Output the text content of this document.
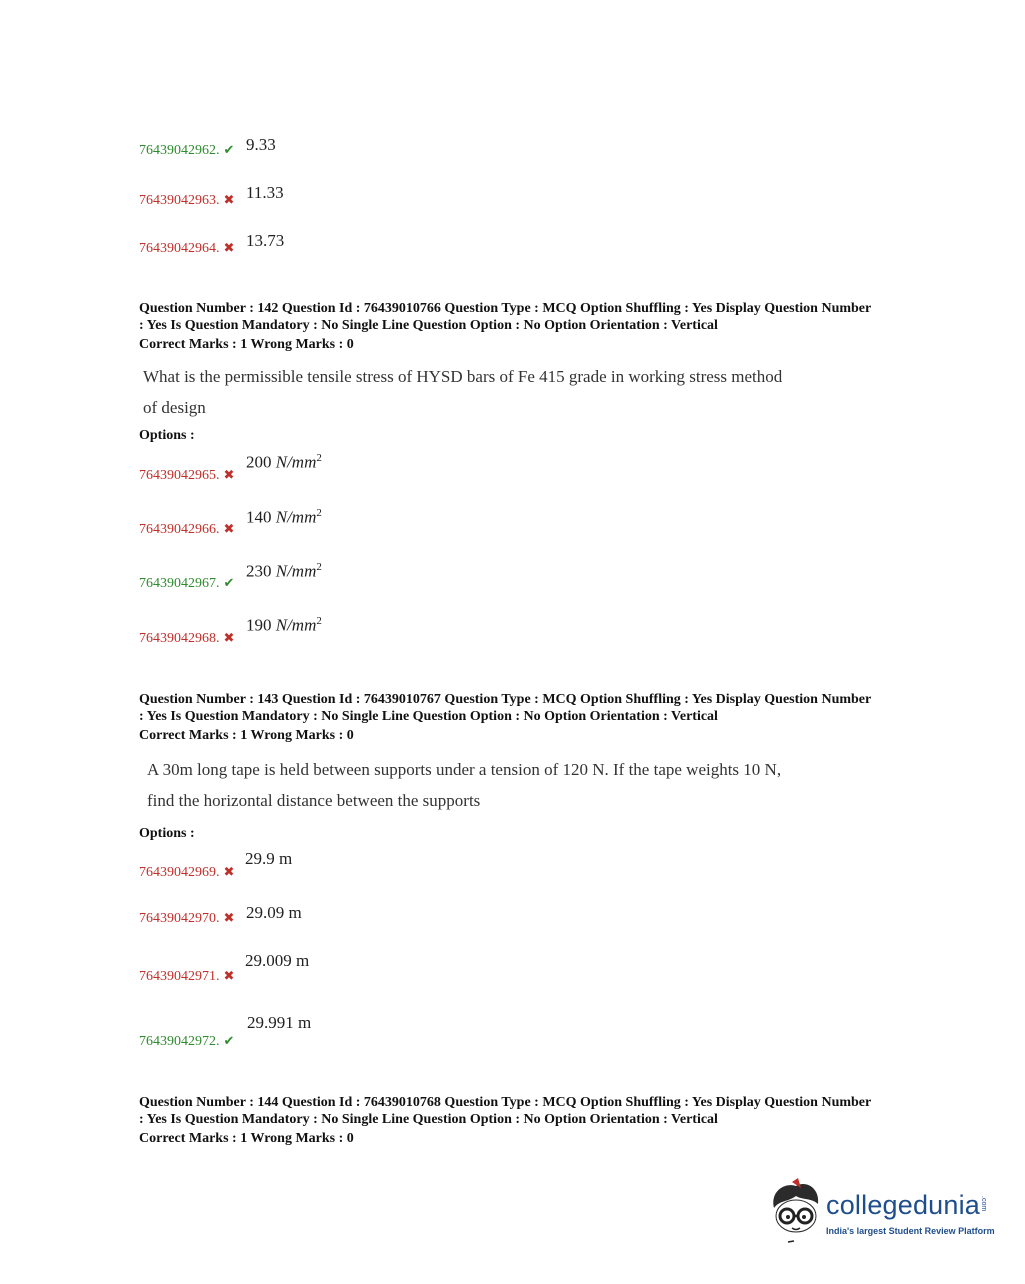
76439042962. ✔ 9.33
76439042963. ✖ 11.33
76439042964. ✖ 13.73
Question Number : 142 Question Id : 76439010766 Question Type : MCQ Option Shuffling : Yes Display Question Number
: Yes Is Question Mandatory : No Single Line Question Option : No Option Orientation : Vertical
Correct Marks : 1 Wrong Marks : 0
What is the permissible tensile stress of HYSD bars of Fe 415 grade in working stress method
of design
Options :
76439042965. ✖
200 $N/mm^2$
76439042966. ✖
140 $N/mm^2$
76439042967. ✔
230 $N/mm^2$
76439042968. ✖
190 $N/mm^2$
Question Number : 143 Question Id : 76439010767 Question Type : MCQ Option Shuffling : Yes Display Question Number
: Yes Is Question Mandatory : No Single Line Question Option : No Option Orientation : Vertical
Correct Marks : 1 Wrong Marks : 0
A 30m long tape is held between supports under a tension of 120 N. If the tape weights 10 N,
find the horizontal distance between the supports
Options :
76439042969. ✖
29.9 m
76439042970. ✖ 29.09 m
76439042971. ✖
29.009 m
76439042972. ✔
29.991 m
Question Number : 144 Question Id : 76439010768 Question Type : MCQ Option Shuffling : Yes Display Question Number
: Yes Is Question Mandatory : No Single Line Question Option : No Option Orientation : Vertical
Correct Marks : 1 Wrong Marks : 0
collegedunia .com
India's largest Student Review Platform
